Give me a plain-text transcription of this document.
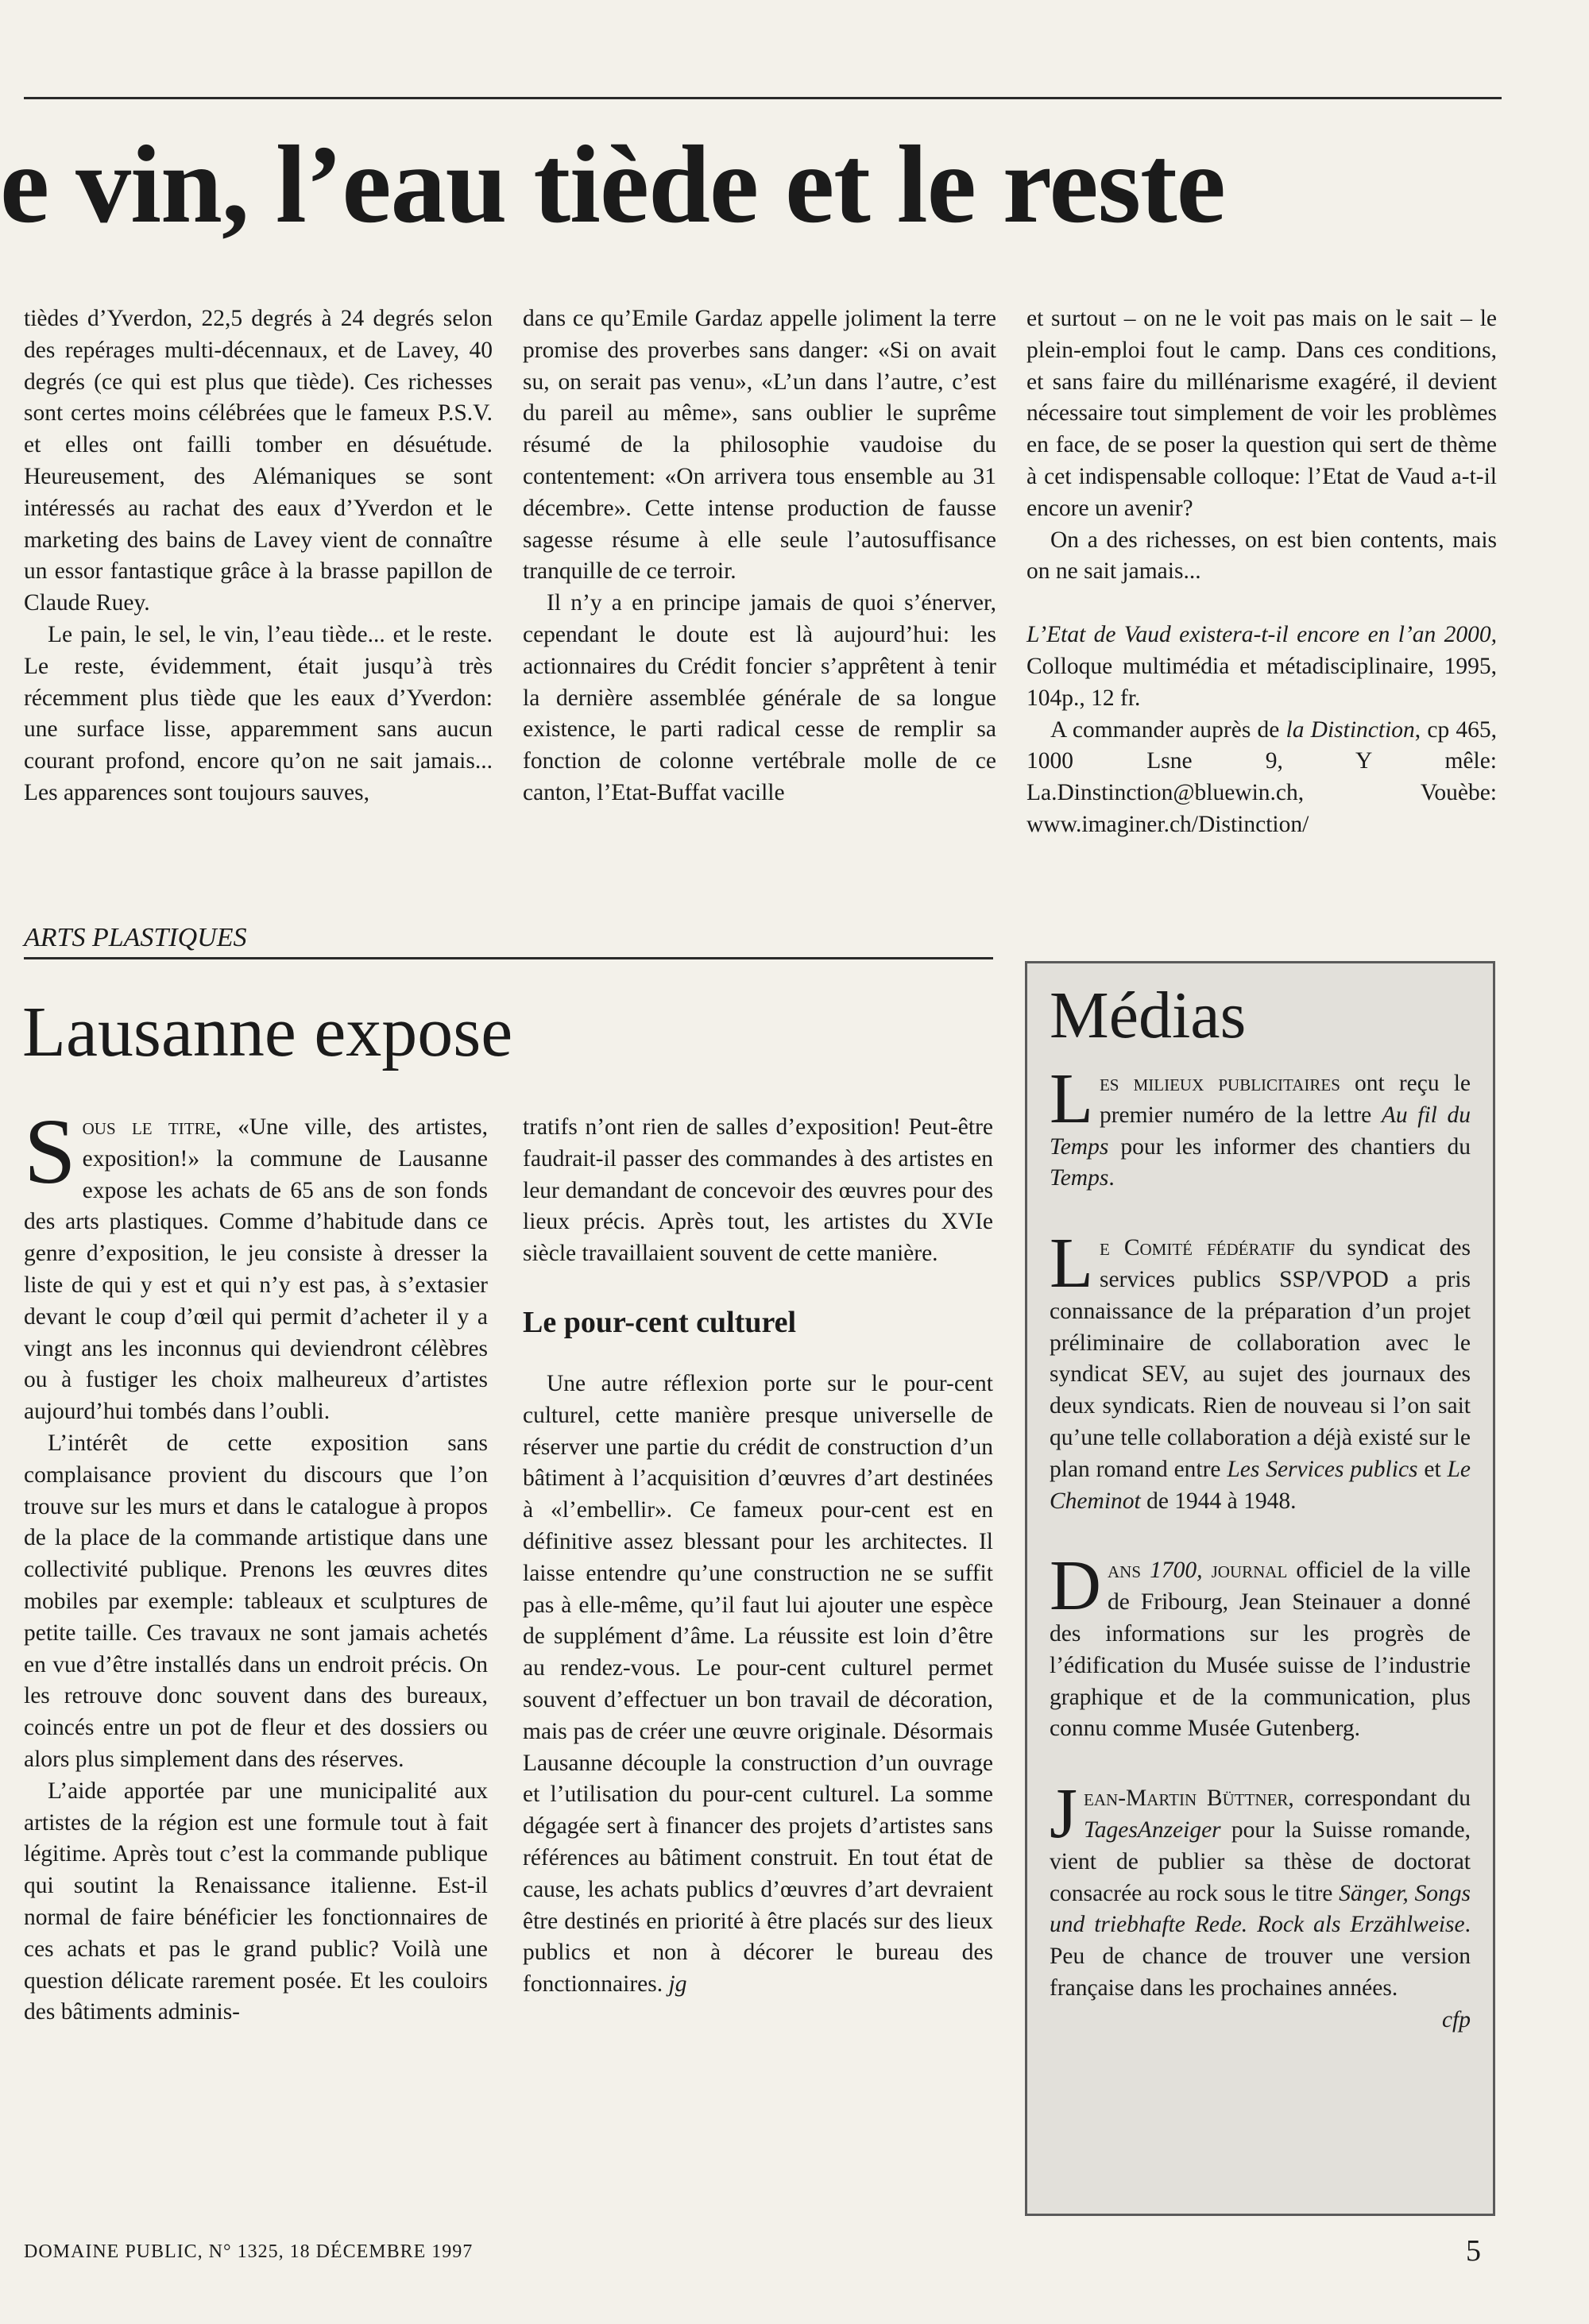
e vin, l’eau tiède et le reste

tièdes d’Yverdon, 22,5 degrés à 24 degrés selon des repérages multi-décennaux, et de Lavey, 40 degrés (ce qui est plus que tiède). Ces richesses sont certes moins célébrées que le fameux P.S.V. et elles ont failli tomber en désuétude. Heureusement, des Alémaniques se sont intéressés au rachat des eaux d’Yverdon et le marketing des bains de Lavey vient de connaître un essor fantastique grâce à la brasse papillon de Claude Ruey.

Le pain, le sel, le vin, l’eau tiède... et le reste. Le reste, évidemment, était jusqu’à très récemment plus tiède que les eaux d’Yverdon: une surface lisse, apparemment sans aucun courant profond, encore qu’on ne sait jamais... Les apparences sont toujours sauves,

dans ce qu’Emile Gardaz appelle joliment la terre promise des proverbes sans danger: «Si on avait su, on serait pas venu», «L’un dans l’autre, c’est du pareil au même», sans oublier le suprême résumé de la philosophie vaudoise du contentement: «On arrivera tous ensemble au 31 décembre». Cette intense production de fausse sagesse résume à elle seule l’autosuffisance tranquille de ce terroir.

Il n’y a en principe jamais de quoi s’énerver, cependant le doute est là aujourd’hui: les actionnaires du Crédit foncier s’apprêtent à tenir la dernière assemblée générale de sa longue existence, le parti radical cesse de remplir sa fonction de colonne vertébrale molle de ce canton, l’Etat-Buffat vacille

et surtout – on ne le voit pas mais on le sait – le plein-emploi fout le camp. Dans ces conditions, et sans faire du millénarisme exagéré, il devient nécessaire tout simplement de voir les problèmes en face, de se poser la question qui sert de thème à cet indispensable colloque: l’Etat de Vaud a-t-il encore un avenir?

On a des richesses, on est bien contents, mais on ne sait jamais...

L’Etat de Vaud existera-t-il encore en l’an 2000, Colloque multimédia et métadisciplinaire, 1995, 104p., 12 fr.

A commander auprès de la Distinction, cp 465, 1000 Lsne 9, Y mêle: La.Dinstinction@bluewin.ch, Vouèbe: www.imaginer.ch/Distinction/

ARTS PLASTIQUES
Lausanne expose

Sous le titre, «Une ville, des artistes, exposition!» la commune de Lausanne expose les achats de 65 ans de son fonds des arts plastiques. Comme d’habitude dans ce genre d’exposition, le jeu consiste à dresser la liste de qui y est et qui n’y est pas, à s’extasier devant le coup d’œil qui permit d’acheter il y a vingt ans les inconnus qui deviendront célèbres ou à fustiger les choix malheureux d’artistes aujourd’hui tombés dans l’oubli.

L’intérêt de cette exposition sans complaisance provient du discours que l’on trouve sur les murs et dans le catalogue à propos de la place de la commande artistique dans une collectivité publique. Prenons les œuvres dites mobiles par exemple: tableaux et sculptures de petite taille. Ces travaux ne sont jamais achetés en vue d’être installés dans un endroit précis. On les retrouve donc souvent dans des bureaux, coincés entre un pot de fleur et des dossiers ou alors plus simplement dans des réserves.

L’aide apportée par une municipalité aux artistes de la région est une formule tout à fait légitime. Après tout c’est la commande publique qui soutint la Renaissance italienne. Est-il normal de faire bénéficier les fonctionnaires de ces achats et pas le grand public? Voilà une question délicate rarement posée. Et les couloirs des bâtiments adminis-

tratifs n’ont rien de salles d’exposition! Peut-être faudrait-il passer des commandes à des artistes en leur demandant de concevoir des œuvres pour des lieux précis. Après tout, les artistes du XVIe siècle travaillaient souvent de cette manière.

Le pour-cent culturel

Une autre réflexion porte sur le pour-cent culturel, cette manière presque universelle de réserver une partie du crédit de construction d’un bâtiment à l’acquisition d’œuvres d’art destinées à «l’embellir». Ce fameux pour-cent est en définitive assez blessant pour les architectes. Il laisse entendre qu’une construction ne se suffit pas à elle-même, qu’il faut lui ajouter une espèce de supplément d’âme. La réussite est loin d’être au rendez-vous. Le pour-cent culturel permet souvent d’effectuer un bon travail de décoration, mais pas de créer une œuvre originale. Désormais Lausanne découple la construction d’un ouvrage et l’utilisation du pour-cent culturel. La somme dégagée sert à financer des projets d’artistes sans références au bâtiment construit. En tout état de cause, les achats publics d’œuvres d’art devraient être destinés en priorité à être placés sur des lieux publics et non à décorer le bureau des fonctionnaires. jg

Médias
Les milieux publicitaires ont reçu le premier numéro de la lettre Au fil du Temps pour les informer des chantiers du Temps.
Le Comité fédératif du syndicat des services publics SSP/VPOD a pris connaissance de la préparation d’un projet préliminaire de collaboration avec le syndicat SEV, au sujet des journaux des deux syndicats. Rien de nouveau si l’on sait qu’une telle collaboration a déjà existé sur le plan romand entre Les Services publics et Le Cheminot de 1944 à 1948.
Dans 1700, journal officiel de la ville de Fribourg, Jean Steinauer a donné des informations sur les progrès de l’édification du Musée suisse de l’industrie graphique et de la communication, plus connu comme Musée Gutenberg.
Jean-Martin Büttner, correspondant du TagesAnzeiger pour la Suisse romande, vient de publier sa thèse de doctorat consacrée au rock sous le titre Sänger, Songs und triebhafte Rede. Rock als Erzählweise. Peu de chance de trouver une version française dans les prochaines années.
cfp
DOMAINE PUBLIC, N° 1325, 18 DÉCEMBRE 1997	5
